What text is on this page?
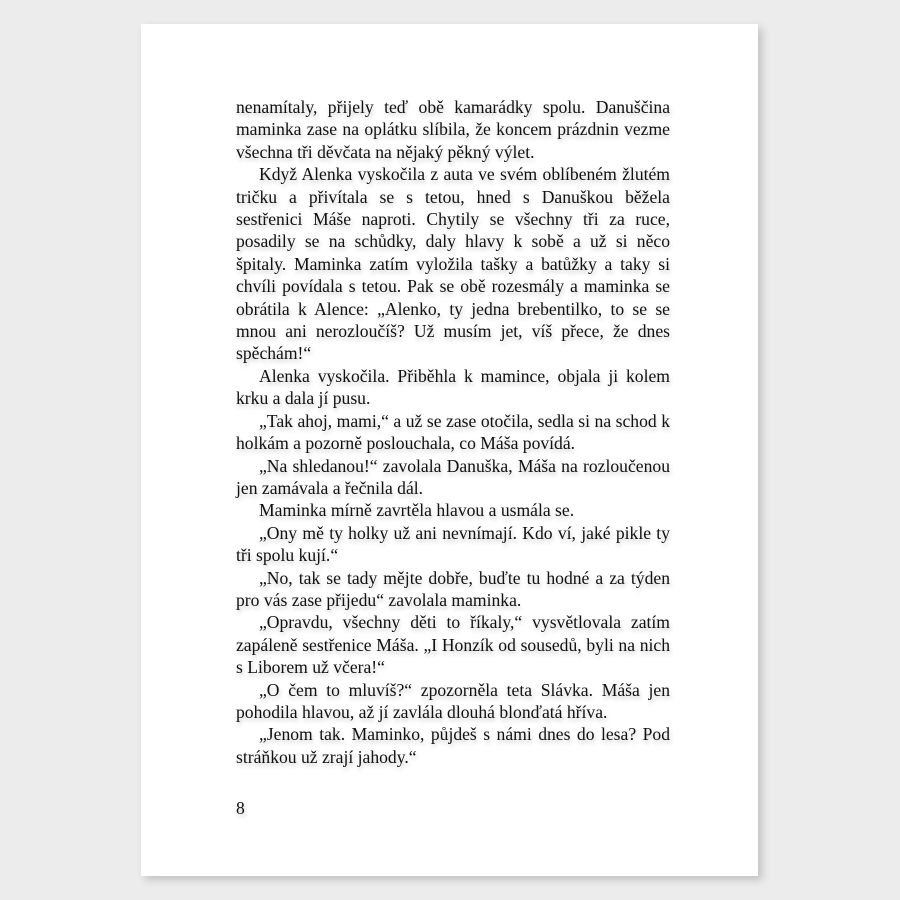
nenamítaly, přijely teď obě kamarádky spolu. Danuščina maminka zase na oplátku slíbila, že koncem prázdnin vezme všechna tři děvčata na nějaký pěkný výlet.

Když Alenka vyskočila z auta ve svém oblíbeném žlutém tričku a přivítala se s tetou, hned s Danuškou běžela sestřenici Máše naproti. Chytily se všechny tři za ruce, posadily se na schůdky, daly hlavy k sobě a už si něco špitaly. Maminka zatím vyložila tašky a batůžky a taky si chvíli povídala s tetou. Pak se obě rozesmály a maminka se obrátila k Alence: „Alenko, ty jedna brebentilko, to se se mnou ani nerozloučíš? Už musím jet, víš přece, že dnes spěchám!“

Alenka vyskočila. Přiběhla k mamince, objala ji kolem krku a dala jí pusu.

„Tak ahoj, mami,“ a už se zase otočila, sedla si na schod k holkám a pozorně poslouchala, co Máša povídá.

„Na shledanou!“ zavolala Danuška, Máša na rozloučenou jen zamávala a řečnila dál.

Maminka mírně zavrtěla hlavou a usmála se.

„Ony mě ty holky už ani nevnímají. Kdo ví, jaké pikle ty tři spolu kují.“

„No, tak se tady mějte dobře, buďte tu hodné a za týden pro vás zase přijedu“ zavolala maminka.

„Opravdu, všechny děti to říkaly,“ vysvětlovala zatím zapáleně sestřenice Máša. „I Honzík od sousedů, byli na nich s Liborem už včera!“

„O čem to mluvíš?“ zpozorněla teta Slávka. Máša jen pohodila hlavou, až jí zavlála dlouhá blonďatá hříva.

„Jenom tak. Maminko, půjdeš s námi dnes do lesa? Pod stráňkou už zrají jahody.“

8
